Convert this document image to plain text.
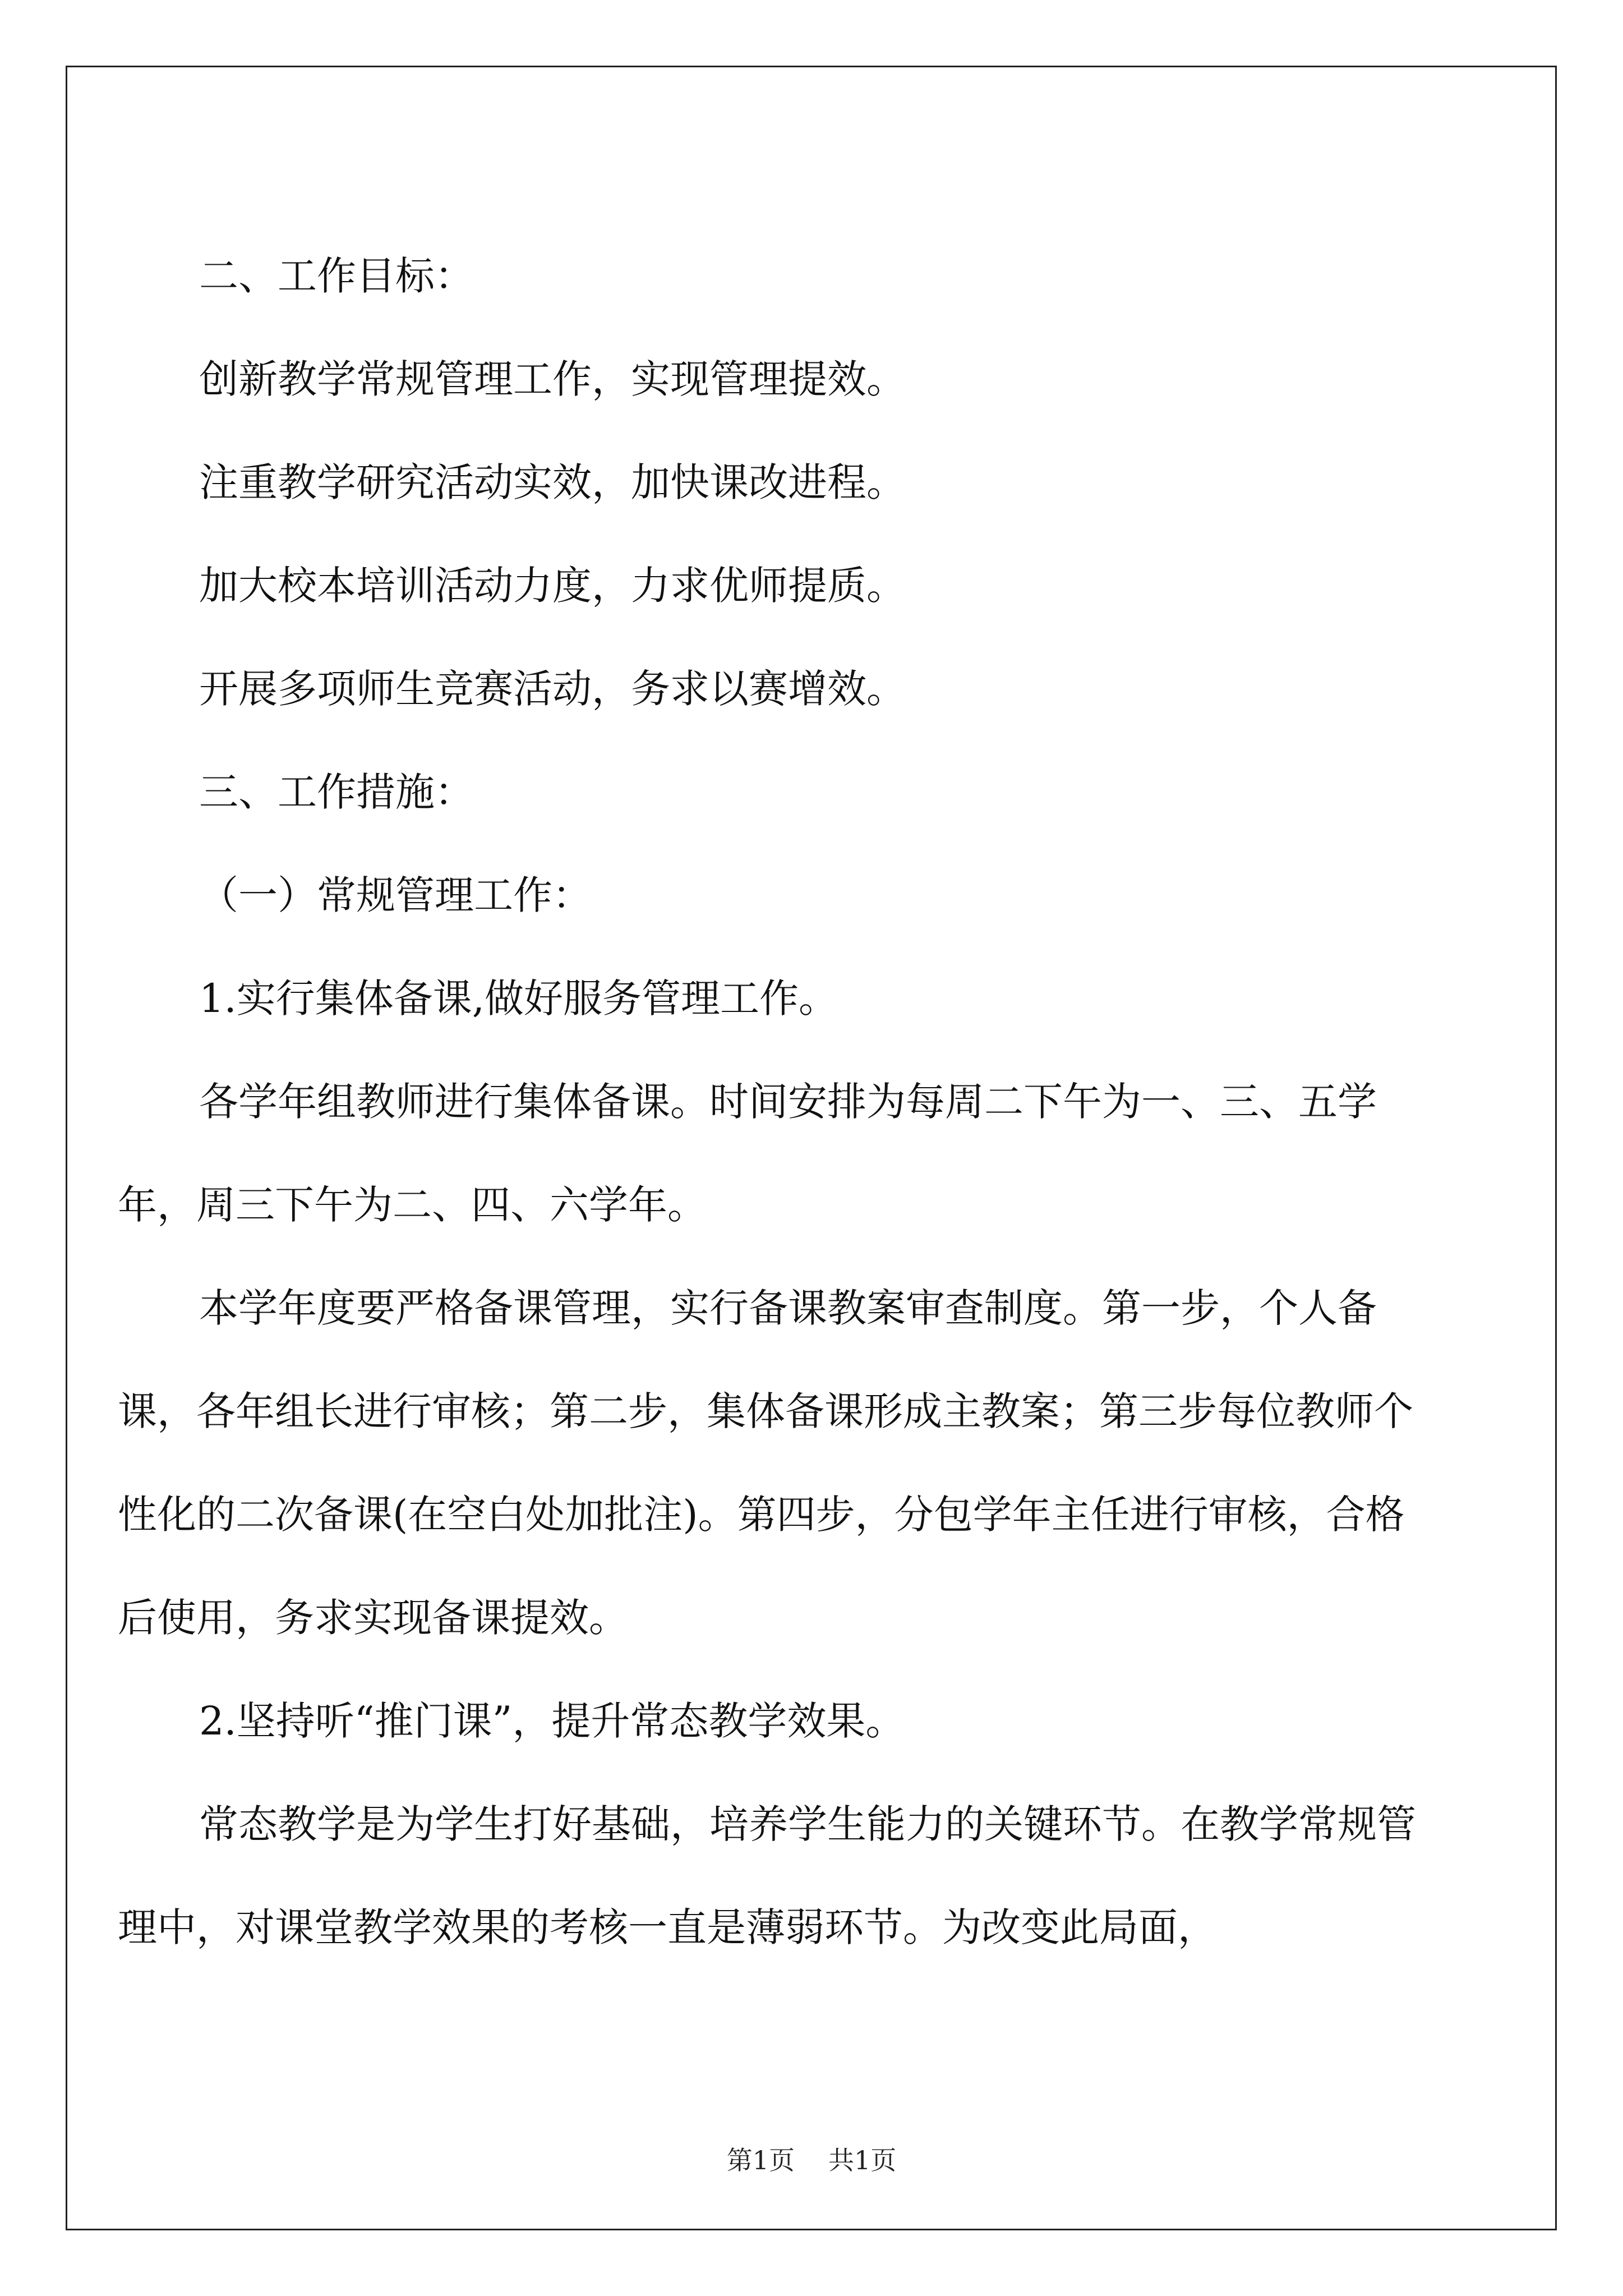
二、工作目标：

创新教学常规管理工作，实现管理提效。

注重教学研究活动实效，加快课改进程。

加大校本培训活动力度，力求优师提质。

开展多项师生竞赛活动，务求以赛增效。

三、工作措施：

（一）常规管理工作：

1.实行集体备课,做好服务管理工作。

各学年组教师进行集体备课。时间安排为每周二下午为一、三、五学年，周三下午为二、四、六学年。

本学年度要严格备课管理，实行备课教案审查制度。第一步，个人备课，各年组长进行审核；第二步，集体备课形成主教案；第三步每位教师个性化的二次备课(在空白处加批注)。第四步，分包学年主任进行审核，合格后使用，务求实现备课提效。

2.坚持听“推门课”，提升常态教学效果。

常态教学是为学生打好基础，培养学生能力的关键环节。在教学常规管理中，对课堂教学效果的考核一直是薄弱环节。为改变此局面，

第1页 共1页
